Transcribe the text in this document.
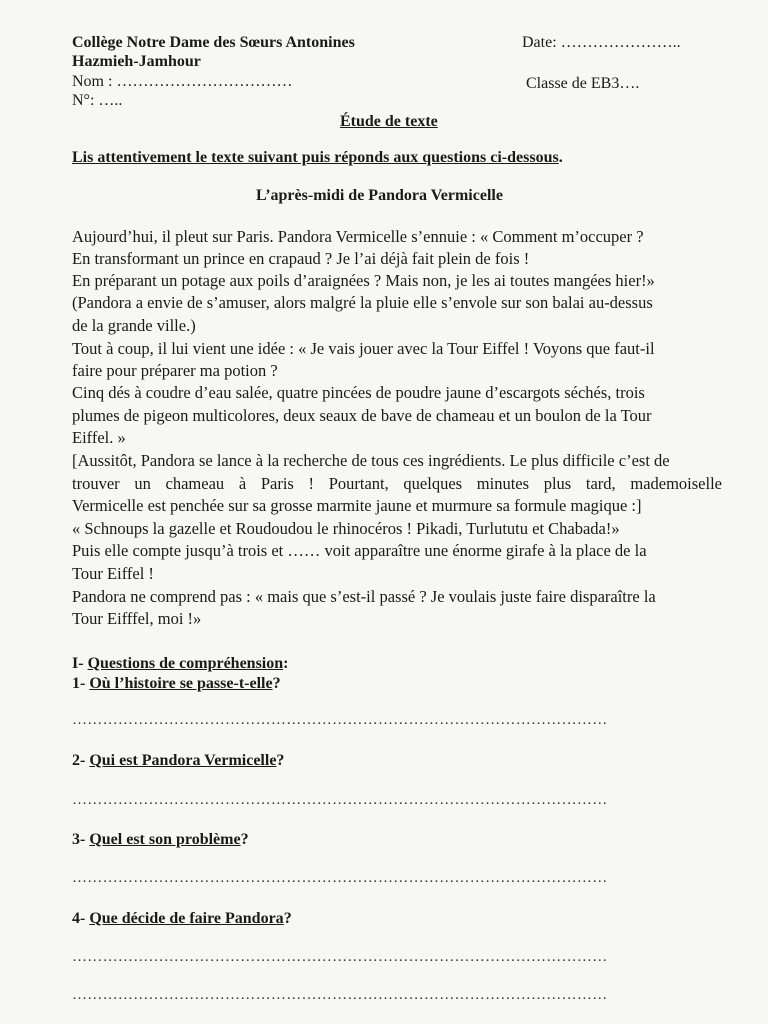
Collège Notre Dame des Sœurs Antonines
Hazmieh-Jamhour
Nom : ……………………………
N°: …..
Date: …………………..
Classe de EB3….
Étude de texte
Lis attentivement le texte suivant puis réponds aux questions ci-dessous.
L’après-midi de Pandora Vermicelle
Aujourd’hui, il pleut sur Paris. Pandora Vermicelle s’ennuie : « Comment m’occuper ?
En transformant un prince en crapaud ? Je l’ai déjà fait plein de fois !
En préparant un potage aux poils d’araignées ? Mais non, je les ai toutes mangées hier!»
(Pandora a envie de s’amuser, alors malgré la pluie elle s’envole sur son balai au-dessus
de la grande ville.)
Tout à coup, il lui vient une idée : « Je vais jouer avec la Tour Eiffel ! Voyons que faut-il
faire pour préparer ma potion ?
Cinq dés à coudre d’eau salée, quatre pincées de poudre jaune d’escargots séchés, trois
plumes de pigeon multicolores, deux seaux de bave de chameau et un boulon de la Tour
Eiffel. »
[Aussitôt, Pandora se lance à la recherche de tous ces ingrédients. Le plus difficile c’est de
trouver un chameau à Paris ! Pourtant, quelques minutes plus tard, mademoiselle
Vermicelle est penchée sur sa grosse marmite jaune et murmure sa formule magique :]
« Schnoups la gazelle et Roudoudou le rhinocéros ! Pikadi, Turlututu et Chabada!»
Puis elle compte jusqu’à trois et …… voit apparaître une énorme girafe à la place de la
Tour Eiffel !
Pandora ne comprend pas : « mais que s’est-il passé ? Je voulais juste faire disparaître la
Tour Eifffel, moi !»
I- Questions de compréhension:
1- Où l’histoire se passe-t-elle?
……………………………………………………………………………………………
2- Qui est Pandora Vermicelle?
……………………………………………………………………………………………
3- Quel est son problème?
……………………………………………………………………………………………
4- Que décide de faire Pandora?
……………………………………………………………………………………………
……………………………………………………………………………………………
